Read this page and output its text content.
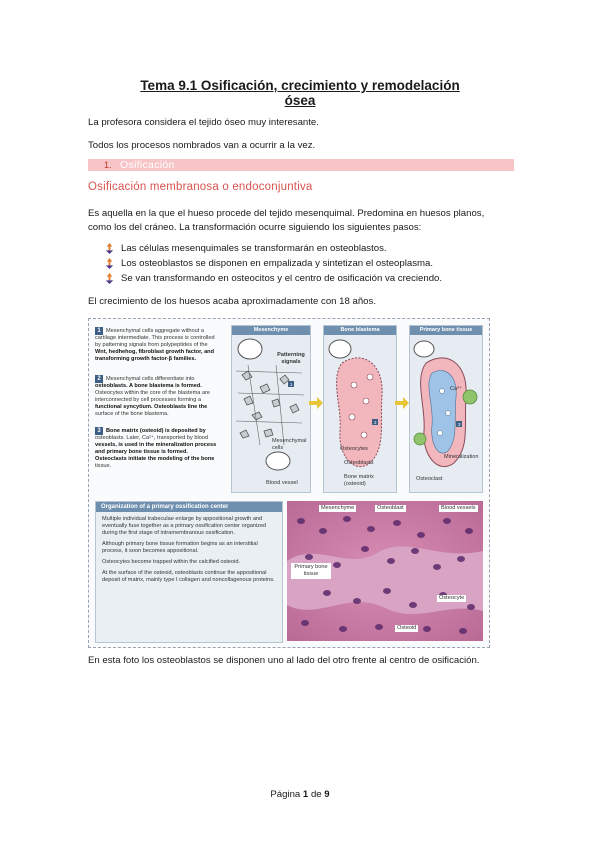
Tema 9.1 Osificación, crecimiento y remodelación
ósea
La profesora considera el tejido óseo muy interesante.
Todos los procesos nombrados van a ocurrir a la vez.
1. Osificación
Osificación membranosa o endoconjuntiva
Es aquella en la que el hueso procede del tejido mesenquimal. Predomina en huesos planos,
como los del cráneo. La transformación ocurre siguiendo los siguientes pasos:
Las células mesenquimales se transformarán en osteoblastos.
Los osteoblastos se disponen en empalizada y sintetizan el osteoplasma.
Se van transformando en osteocitos y el centro de osificación va creciendo.
El crecimiento de los huesos acaba aproximadamente con 18 años.
1 Mesenchymal cells aggregate without a
cartilage intermediate. This process is controlled
by patterning signals from polypeptides of the
Wnt, hedhehog, fibroblast growth factor, and
transforming growth factor-β families.
2 Mesenchymal cells differentiate into
osteoblasts. A bone blastema is formed.
Osteocytes within the core of the blastema are
interconnected by cell processes forming a
functional syncytium. Osteoblasts line the
surface of the bone blastema.
3 Bone matrix (osteoid) is deposited by
osteoblasts. Later, Ca²⁺, transported by blood
vessels, is used in the mineralization process
and primary bone tissue is formed.
Osteoclasts initiate the modeling of the bone
tissue.
Mesenchyme
1
Patterning signals
Mesenchymal cells
Blood vessel
Bone blastema
2
Osteocytes
Osteoblasts
Bone matrix (osteoid)
Primary bone tissue
3
Ca²⁺
Mineralization
Osteoclast
Organization of a primary ossification center
Multiple individual trabeculae enlarge by appositional growth and eventually fuse together as a primary ossification center organized during the first stage of intramembranous ossification.
Although primary bone tissue formation begins as an interstitial process, it soon becomes appositional.
Osteocytes become trapped within the calcified osteoid.
At the surface of the osteoid, osteoblasts continue the appositional deposit of matrix, mainly type I collagen and noncollagenous proteins.
Mesenchyme	Osteoblast	Blood vessels
Primary bone tissue
Osteocyte
Osteoid
En esta foto los osteoblastos se disponen uno al lado del otro frente al centro de osificación.
Página 1 de 9
